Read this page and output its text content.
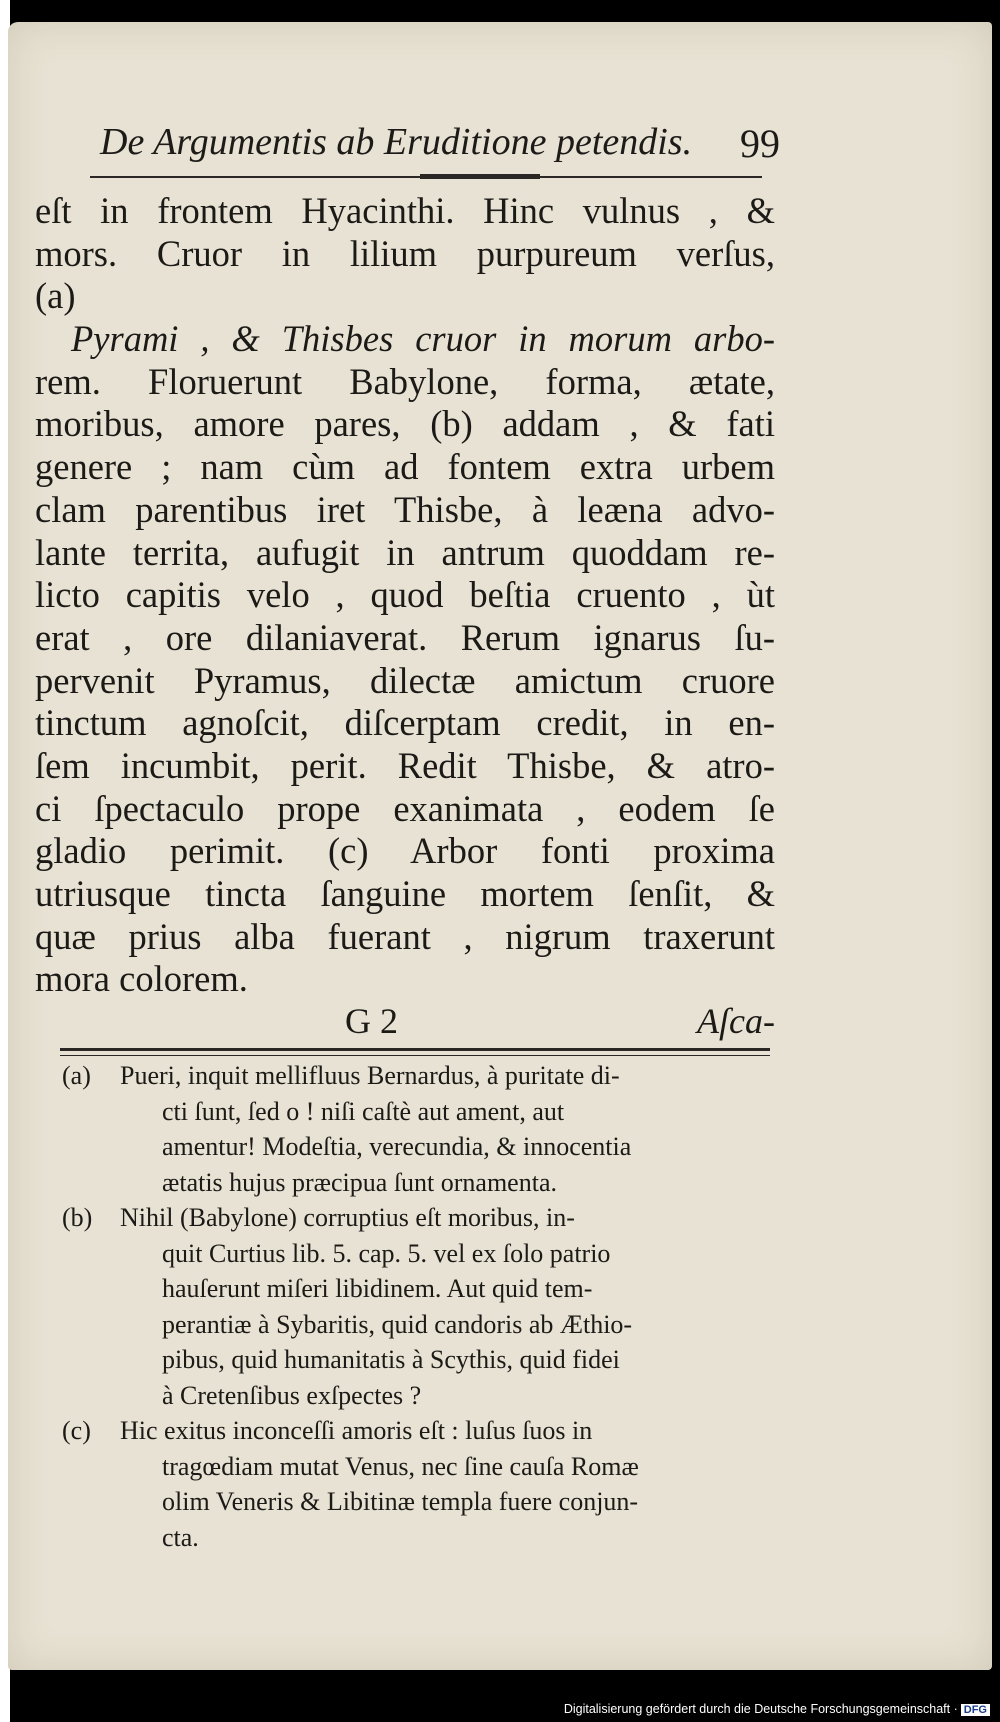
De Argumentis ab Eruditione petendis. 99
eſt in frontem Hyacinthi. Hinc vulnus , &
mors. Cruor in lilium purpureum verſus,
(a)
Pyrami , & Thisbes cruor in morum arbo-
rem. Floruerunt Babylone, forma, ætate,
moribus, amore pares, (b) addam , & fati
genere ; nam cùm ad fontem extra urbem
clam parentibus iret Thisbe, à leæna advo-
lante territa, aufugit in antrum quoddam re-
licto capitis velo , quod beſtia cruento , ùt
erat , ore dilaniaverat. Rerum ignarus ſu-
pervenit Pyramus, dilectæ amictum cruore
tinctum agnoſcit, diſcerptam credit, in en-
ſem incumbit, perit. Redit Thisbe, & atro-
ci ſpectaculo prope exanimata , eodem ſe
gladio perimit. (c) Arbor fonti proxima
utriusque tincta ſanguine mortem ſenſit, &
quæ prius alba fuerant , nigrum traxerunt
mora colorem.
G 2	Aſca-
(a) Pueri, inquit mellifluus Bernardus, à puritate di-
cti ſunt, ſed o ! niſi caſtè aut ament, aut
amentur! Modeſtia, verecundia, & innocentia
ætatis hujus præcipua ſunt ornamenta.
(b) Nihil (Babylone) corruptius eſt moribus, in-
quit Curtius lib. 5. cap. 5. vel ex ſolo patrio
hauſerunt miſeri libidinem. Aut quid tem-
perantiæ à Sybaritis, quid candoris ab Æthio-
pibus, quid humanitatis à Scythis, quid fidei
à Cretenſibus exſpectes ?
(c) Hic exitus inconceſſi amoris eſt : luſus ſuos in
tragœdiam mutat Venus, nec ſine cauſa Romæ
olim Veneris & Libitinæ templa fuere conjun-
cta.
Digitalisierung gefördert durch die Deutsche Forschungsgemeinschaft · DFG
